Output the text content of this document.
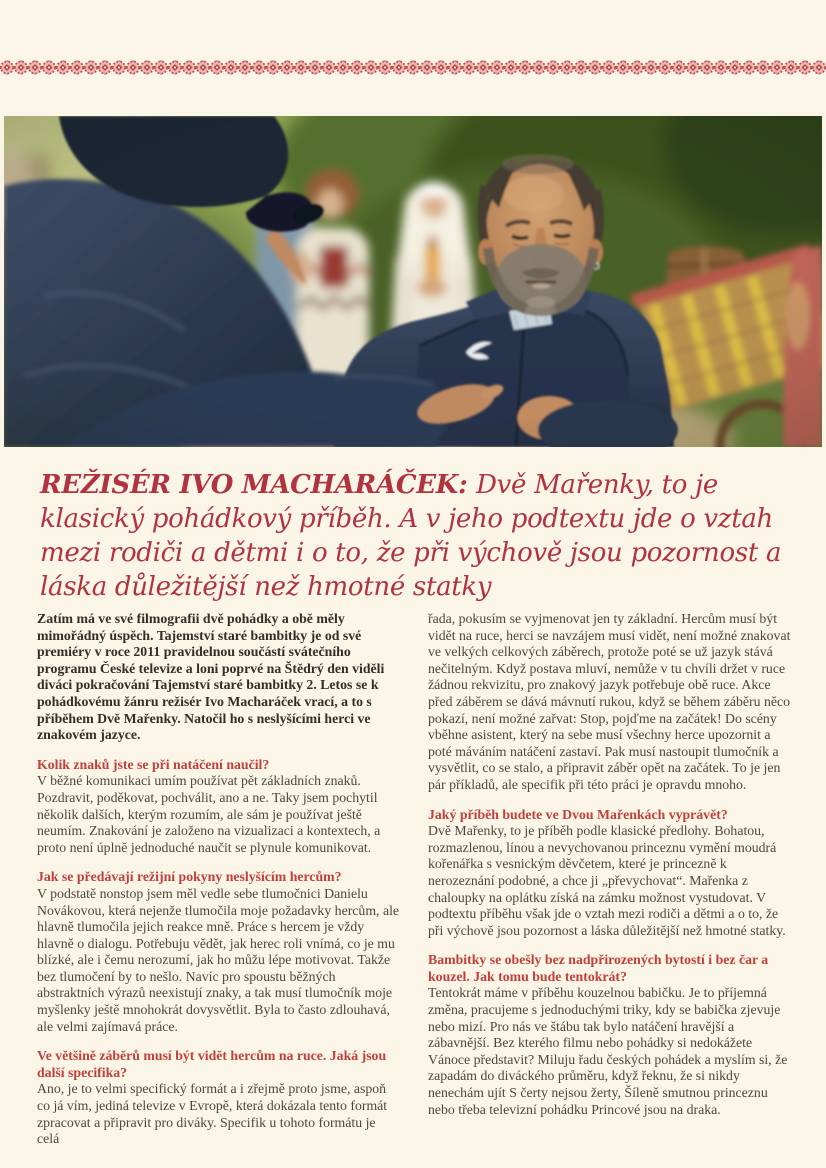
REŽISÉR IVO MACHARÁČEK: Dvě Mařenky, to je klasický pohádkový příběh. A v jeho podtextu jde o vztah mezi rodiči a dětmi i o to, že při výchově jsou pozornost a láska důležitější než hmotné statky

Zatím má ve své filmografii dvě pohádky a obě měly mimořádný úspěch. Tajemství staré bambitky je od své premiéry v roce 2011 pravidelnou součástí svátečního programu České televize a loni poprvé na Štědrý den viděli diváci pokračování Tajemství staré bambitky 2. Letos se k pohádkovému žánru režisér Ivo Macharáček vrací, a to s příběhem Dvě Mařenky. Natočil ho s neslyšícími herci ve znakovém jazyce.

Kolik znaků jste se při natáčení naučil?

V běžné komunikaci umím používat pět základních znaků. Pozdravit, poděkovat, pochválit, ano a ne. Taky jsem pochytil několik dalších, kterým rozumím, ale sám je používat ještě neumím. Znakování je založeno na vizualizaci a kontextech, a proto není úplně jednoduché naučit se plynule komunikovat.

Jak se předávají režijní pokyny neslyšícím hercům?

V podstatě nonstop jsem měl vedle sebe tlumočnici Danielu Novákovou, která nejenže tlumočila moje požadavky hercům, ale hlavně tlumočila jejich reakce mně. Práce s hercem je vždy hlavně o dialogu. Potřebuju vědět, jak herec roli vnímá, co je mu blízké, ale i čemu nerozumí, jak ho můžu lépe motivovat. Takže bez tlumočení by to nešlo. Navíc pro spoustu běžných abstraktních výrazů neexistují znaky, a tak musí tlumočník moje myšlenky ještě mnohokrát dovysvětlit. Byla to často zdlouhavá, ale velmi zajímavá práce.

Ve většině záběrů musí být vidět hercům na ruce. Jaká jsou další specifika?

Ano, je to velmi specifický formát a i zřejmě proto jsme, aspoň co já vím, jediná televize v Evropě, která dokázala tento formát zpracovat a připravit pro diváky. Specifik u tohoto formátu je celá

řada, pokusím se vyjmenovat jen ty základní. Hercům musí být vidět na ruce, herci se navzájem musí vidět, není možné znakovat ve velkých celkových záběrech, protože poté se už jazyk stává nečitelným. Když postava mluví, nemůže v tu chvíli držet v ruce žádnou rekvizitu, pro znakový jazyk potřebuje obě ruce. Akce před záběrem se dává mávnutí rukou, když se během záběru něco pokazí, není možné zařvat: Stop, pojďme na začátek! Do scény vběhne asistent, který na sebe musí všechny herce upozornit a poté máváním natáčení zastaví. Pak musí nastoupit tlumočník a vysvětlit, co se stalo, a připravit záběr opět na začátek. To je jen pár příkladů, ale specifik při této práci je opravdu mnoho.

Jaký příběh budete ve Dvou Mařenkách vyprávět?

Dvě Mařenky, to je příběh podle klasické předlohy. Bohatou, rozmazlenou, línou a nevychovanou princeznu vymění moudrá kořenářka s vesnickým děvčetem, které je princezně k nerozeznání podobné, a chce ji „převychovat“. Mařenka z chaloupky na oplátku získá na zámku možnost vystudovat. V podtextu příběhu však jde o vztah mezi rodiči a dětmi a o to, že při výchově jsou pozornost a láska důležitější než hmotné statky.

Bambitky se obešly bez nadpřirozených bytostí i bez čar a kouzel. Jak tomu bude tentokrát?

Tentokrát máme v příběhu kouzelnou babičku. Je to příjemná změna, pracujeme s jednoduchými triky, kdy se babička zjevuje nebo mizí. Pro nás ve štábu tak bylo natáčení hravější a zábavnější. Bez kterého filmu nebo pohádky si nedokážete Vánoce představit? Miluju řadu českých pohádek a myslím si, že zapadám do diváckého průměru, když řeknu, že si nikdy nenechám ujít S čerty nejsou žerty, Šíleně smutnou princeznu nebo třeba televizní pohádku Princové jsou na draka.
